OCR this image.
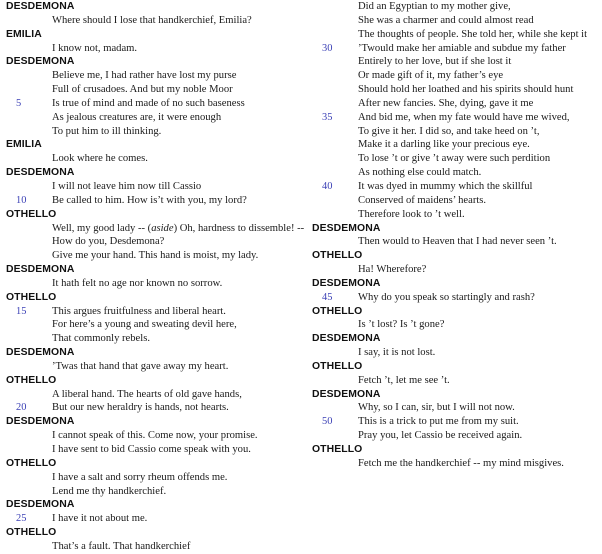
DESDEMONA
Where should I lose that handkerchief, Emilia?
EMILIA
I know not, madam.
DESDEMONA
Believe me, I had rather have lost my purse
Full of crusadoes. And but my noble Moor
5	Is true of mind and made of no such baseness
As jealous creatures are, it were enough
To put him to ill thinking.
EMILIA
Look where he comes.
DESDEMONA
I will not leave him now till Cassio
10 Be called to him. How is’t with you, my lord?
OTHELLO
Well, my good lady -- (aside) Oh, hardness to dissemble! --
How do you, Desdemona?
Give me your hand. This hand is moist, my lady.
DESDEMONA
It hath felt no age nor known no sorrow.
OTHELLO
15 This argues fruitfulness and liberal heart.
For here’s a young and sweating devil here,
That commonly rebels.
DESDEMONA
’Twas that hand that gave away my heart.
OTHELLO
A liberal hand. The hearts of old gave hands,
20 But our new heraldry is hands, not hearts.
DESDEMONA
I cannot speak of this. Come now, your promise.
I have sent to bid Cassio come speak with you.
OTHELLO
I have a salt and sorry rheum offends me.
Lend me thy handkerchief.
DESDEMONA
25 I have it not about me.
OTHELLO
That’s a fault. That handkerchief
Did an Egyptian to my mother give,
She was a charmer and could almost read
The thoughts of people. She told her, while she kept it
30 ’Twould make her amiable and subdue my father
Entirely to her love, but if she lost it
Or made gift of it, my father’s eye
Should hold her loathed and his spirits should hunt
After new fancies. She, dying, gave it me
35 And bid me, when my fate would have me wived,
To give it her. I did so, and take heed on ’t,
Make it a darling like your precious eye.
To lose ’t or give ’t away were such perdition
As nothing else could match.
40 It was dyed in mummy which the skillful
Conserved of maidens’ hearts.
Therefore look to ’t well.
DESDEMONA
Then would to Heaven that I had never seen ’t.
OTHELLO
Ha! Wherefore?
DESDEMONA
45 Why do you speak so startingly and rash?
OTHELLO
Is ’t lost? Is ’t gone?
DESDEMONA
I say, it is not lost.
OTHELLO
Fetch ’t, let me see ’t.
DESDEMONA
Why, so I can, sir, but I will not now.
50 This is a trick to put me from my suit.
Pray you, let Cassio be received again.
OTHELLO
Fetch me the handkerchief -- my mind misgives.
